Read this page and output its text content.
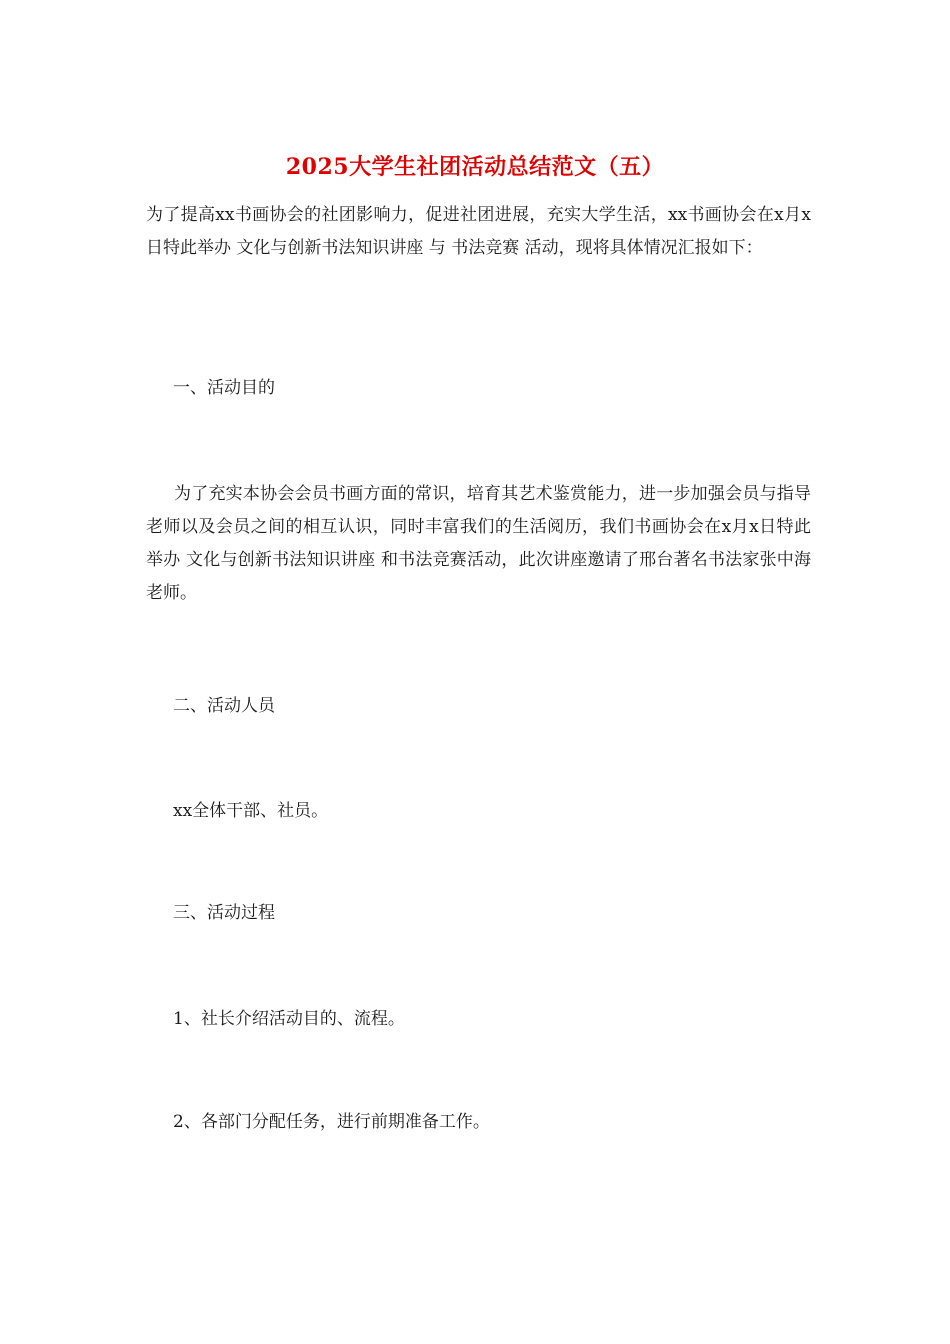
2025大学生社团活动总结范文（五）
为了提高xx书画协会的社团影响力，促进社团进展，充实大学生活，xx书画协会在x月x日特此举办 文化与创新书法知识讲座 与 书法竞赛 活动，现将具体情况汇报如下：
一、活动目的
为了充实本协会会员书画方面的常识，培育其艺术鉴赏能力，进一步加强会员与指导老师以及会员之间的相互认识，同时丰富我们的生活阅历，我们书画协会在x月x日特此举办 文化与创新书法知识讲座 和书法竞赛活动，此次讲座邀请了邢台著名书法家张中海老师。
二、活动人员
xx全体干部、社员。
三、活动过程
1、社长介绍活动目的、流程。
2、各部门分配任务，进行前期准备工作。
